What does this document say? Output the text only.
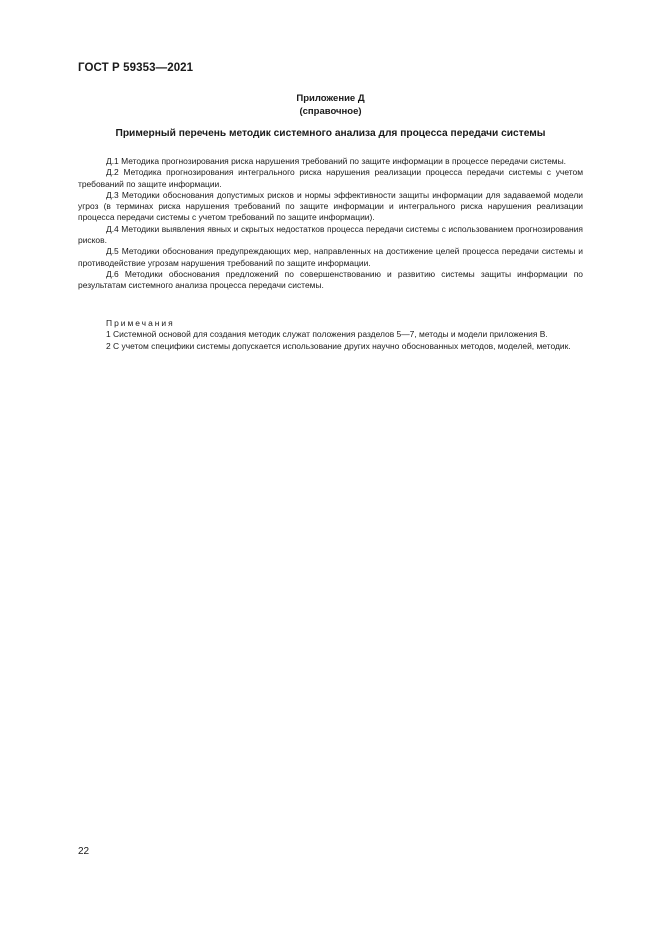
ГОСТ Р 59353—2021
Приложение Д
(справочное)
Примерный перечень методик системного анализа для процесса передачи системы

Д.1 Методика прогнозирования риска нарушения требований по защите информации в процессе передачи системы.

Д.2 Методика прогнозирования интегрального риска нарушения реализации процесса передачи системы с учетом требований по защите информации.

Д.3 Методики обоснования допустимых рисков и нормы эффективности защиты информации для задаваемой модели угроз (в терминах риска нарушения требований по защите информации и интегрального риска нарушения реализации процесса передачи системы с учетом требований по защите информации).

Д.4 Методики выявления явных и скрытых недостатков процесса передачи системы с использованием прогнозирования рисков.

Д.5 Методики обоснования предупреждающих мер, направленных на достижение целей процесса передачи системы и противодействие угрозам нарушения требований по защите информации.

Д.6 Методики обоснования предложений по совершенствованию и развитию системы защиты информации по результатам системного анализа процесса передачи системы.

Примечания

1 Системной основой для создания методик служат положения разделов 5—7, методы и модели приложения В.

2 С учетом специфики системы допускается использование других научно обоснованных методов, моделей, методик.

22
